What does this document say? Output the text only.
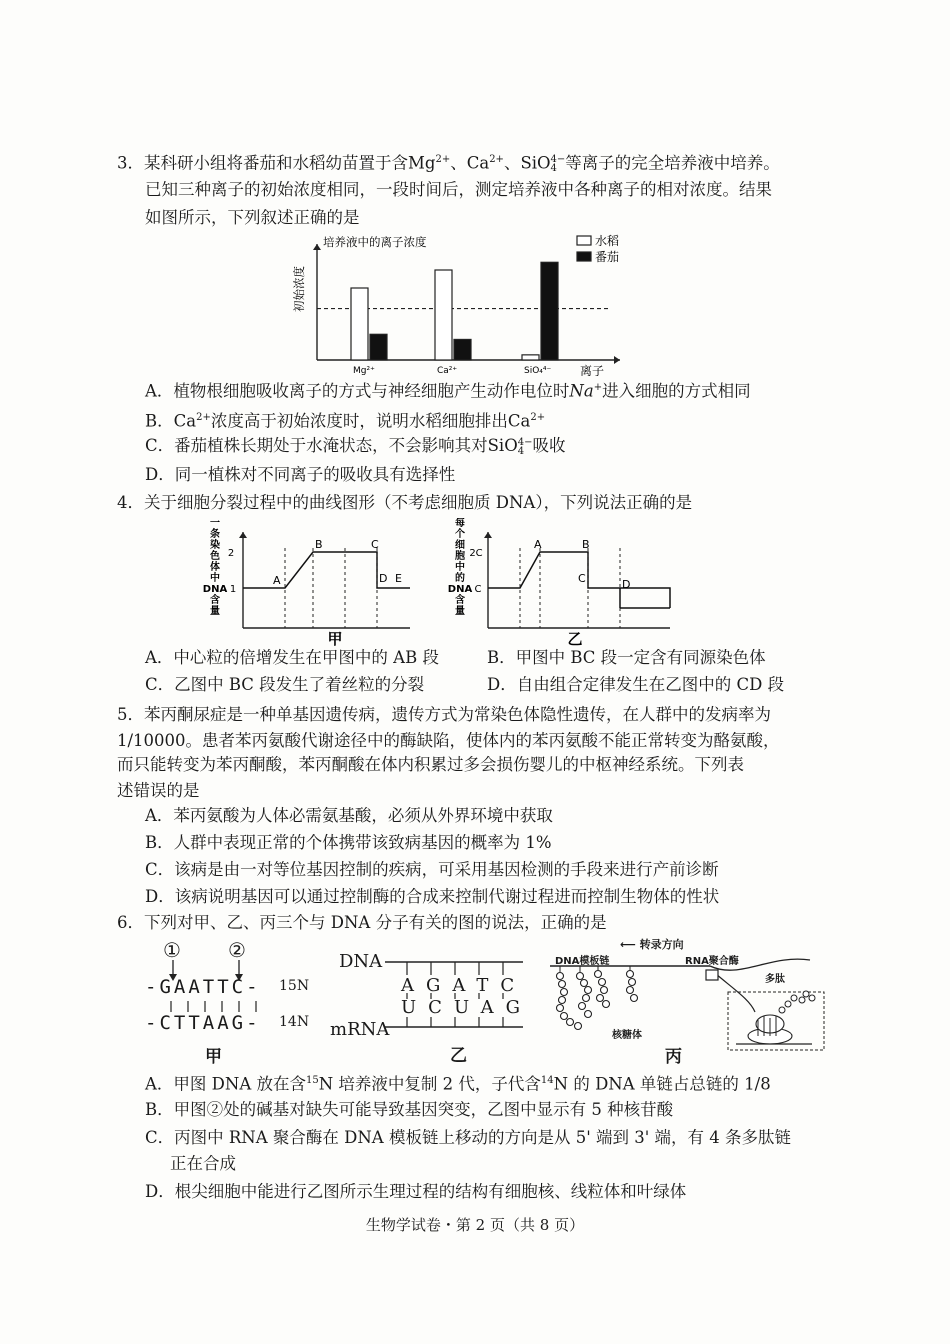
3．某科研小组将番茄和水稻幼苗置于含$Mg^{2+}$、$Ca^{2+}$、SiO 4−
4 等离子的完全培养液中培养。
已知三种离子的初始浓度相同，一段时间后，测定培养液中各种离子的相对浓度。结果
如图所示，下列叙述正确的是
培养液中的离子浓度
初始浓度
离子
Mg²⁺	Ca²⁺	SiO₄⁴⁻
水稻
番茄
A．植物根细胞吸收离子的方式与神经细胞产生动作电位时Na+进入细胞的方式相同
B．$Ca^{2+}$浓度高于初始浓度时，说明水稻细胞排出$Ca^{2+}$
C．番茄植株长期处于水淹状态，不会影响其对SiO 4−
4 吸收
D．同一植株对不同离子的吸收具有选择性
4．关于细胞分裂过程中的曲线图形（不考虑细胞质 DNA），下列说法正确的是
一
条
染
色
体
中
DNA
含
量
2
1
A
B	C
D E
甲
每
个
细
胞
中
的
DNA
含
量
2C
C
A	B
C	D
乙
A．中心粒的倍增发生在甲图中的 AB 段	B．甲图中 BC 段一定含有同源染色体
C．乙图中 BC 段发生了着丝粒的分裂	D．自由组合定律发生在乙图中的 CD 段
5．苯丙酮尿症是一种单基因遗传病，遗传方式为常染色体隐性遗传，在人群中的发病率为
1/10000。患者苯丙氨酸代谢途径中的酶缺陷，使体内的苯丙氨酸不能正常转变为酪氨酸，
而只能转变为苯丙酮酸，苯丙酮酸在体内积累过多会损伤婴儿的中枢神经系统。下列表
述错误的是
A．苯丙氨酸为人体必需氨基酸，必须从外界环境中获取
B．人群中表现正常的个体携带该致病基因的概率为 1%
C．该病是由一对等位基因控制的疾病，可采用基因检测的手段来进行产前诊断
D．该病说明基因可以通过控制酶的合成来控制代谢过程进而控制生物体的性状
6．下列对甲、乙、丙三个与 DNA 分子有关的图的说法，正确的是
① ②
-GAATTC- 15N
-CTTAAG- 14N
甲
DNA
mRNA
AGATC
UCUAG
乙
⟵ 转录方向
DNA模板链	RNA聚合酶
多肽
核糖体
丙
A．甲图 DNA 放在含$^{15}$N 培养液中复制 2 代，子代含$^{14}$N 的 DNA 单链占总链的 1/8
B．甲图②处的碱基对缺失可能导致基因突变，乙图中显示有 5 种核苷酸
C．丙图中 RNA 聚合酶在 DNA 模板链上移动的方向是从 5' 端到 3' 端，有 4 条多肽链
正在合成
D．根尖细胞中能进行乙图所示生理过程的结构有细胞核、线粒体和叶绿体
生物学试卷・第 2 页（共 8 页）
